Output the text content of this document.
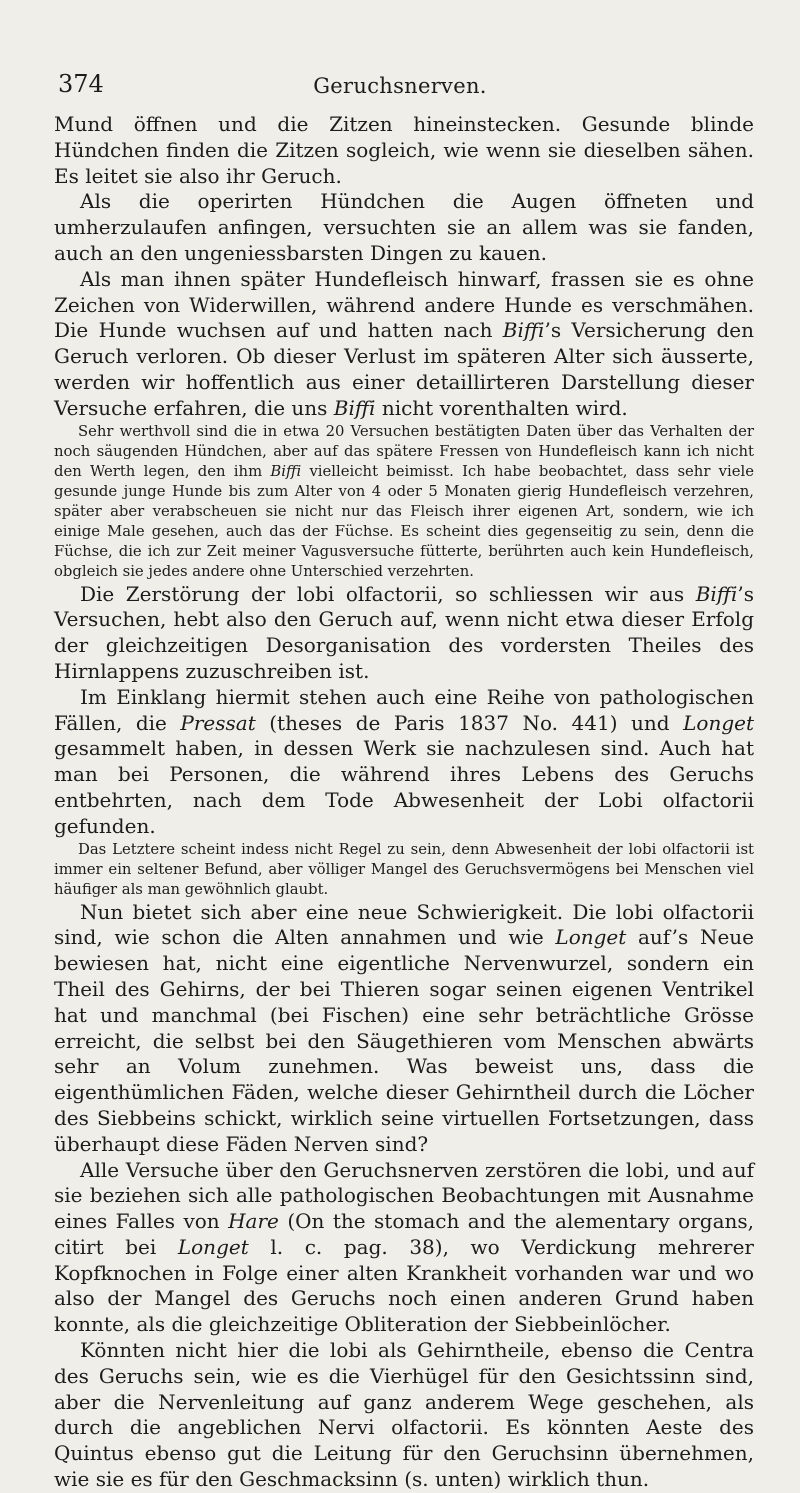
374	Geruchsnerven.

Mund öffnen und die Zitzen hineinstecken. Gesunde blinde Hündchen finden die Zitzen sogleich, wie wenn sie dieselben sähen. Es leitet sie also ihr Geruch.

Als die operirten Hündchen die Augen öffneten und umherzulaufen anfingen, versuchten sie an allem was sie fanden, auch an den ungeniessbarsten Dingen zu kauen.

Als man ihnen später Hundefleisch hinwarf, frassen sie es ohne Zeichen von Widerwillen, während andere Hunde es verschmähen. Die Hunde wuchsen auf und hatten nach Biffi’s Versicherung den Geruch verloren. Ob dieser Verlust im späteren Alter sich äusserte, werden wir hoffentlich aus einer detaillirteren Darstellung dieser Versuche erfahren, die uns Biffi nicht vorenthalten wird.

Sehr werthvoll sind die in etwa 20 Versuchen bestätigten Daten über das Verhalten der noch säugenden Hündchen, aber auf das spätere Fressen von Hundefleisch kann ich nicht den Werth legen, den ihm Biffi vielleicht beimisst. Ich habe beobachtet, dass sehr viele gesunde junge Hunde bis zum Alter von 4 oder 5 Monaten gierig Hundefleisch verzehren, später aber verabscheuen sie nicht nur das Fleisch ihrer eigenen Art, sondern, wie ich einige Male gesehen, auch das der Füchse. Es scheint dies gegenseitig zu sein, denn die Füchse, die ich zur Zeit meiner Vagusversuche fütterte, berührten auch kein Hundefleisch, obgleich sie jedes andere ohne Unterschied verzehrten.

Die Zerstörung der lobi olfactorii, so schliessen wir aus Biffi’s Versuchen, hebt also den Geruch auf, wenn nicht etwa dieser Erfolg der gleichzeitigen Desorganisation des vordersten Theiles des Hirnlappens zuzuschreiben ist.

Im Einklang hiermit stehen auch eine Reihe von pathologischen Fällen, die Pressat (theses de Paris 1837 No. 441) und Longet gesammelt haben, in dessen Werk sie nachzulesen sind. Auch hat man bei Personen, die während ihres Lebens des Geruchs entbehrten, nach dem Tode Abwesenheit der Lobi olfactorii gefunden.

Das Letztere scheint indess nicht Regel zu sein, denn Abwesenheit der lobi olfactorii ist immer ein seltener Befund, aber völliger Mangel des Geruchsvermögens bei Menschen viel häufiger als man gewöhnlich glaubt.

Nun bietet sich aber eine neue Schwierigkeit. Die lobi olfactorii sind, wie schon die Alten annahmen und wie Longet auf’s Neue bewiesen hat, nicht eine eigentliche Nervenwurzel, sondern ein Theil des Gehirns, der bei Thieren sogar seinen eigenen Ventrikel hat und manchmal (bei Fischen) eine sehr beträchtliche Grösse erreicht, die selbst bei den Säugethieren vom Menschen abwärts sehr an Volum zunehmen. Was beweist uns, dass die eigenthümlichen Fäden, welche dieser Gehirntheil durch die Löcher des Siebbeins schickt, wirklich seine virtuellen Fortsetzungen, dass überhaupt diese Fäden Nerven sind?

Alle Versuche über den Geruchsnerven zerstören die lobi, und auf sie beziehen sich alle pathologischen Beobachtungen mit Ausnahme eines Falles von Hare (On the stomach and the alementary organs, citirt bei Longet l. c. pag. 38), wo Verdickung mehrerer Kopfknochen in Folge einer alten Krankheit vorhanden war und wo also der Mangel des Geruchs noch einen anderen Grund haben konnte, als die gleichzeitige Obliteration der Siebbeinlöcher.

Könnten nicht hier die lobi als Gehirntheile, ebenso die Centra des Geruchs sein, wie es die Vierhügel für den Gesichtssinn sind, aber die Nervenleitung auf ganz anderem Wege geschehen, als durch die angeblichen Nervi olfactorii. Es könnten Aeste des Quintus ebenso gut die Leitung für den Geruchsinn übernehmen, wie sie es für den Geschmacksinn (s. unten) wirklich thun.
